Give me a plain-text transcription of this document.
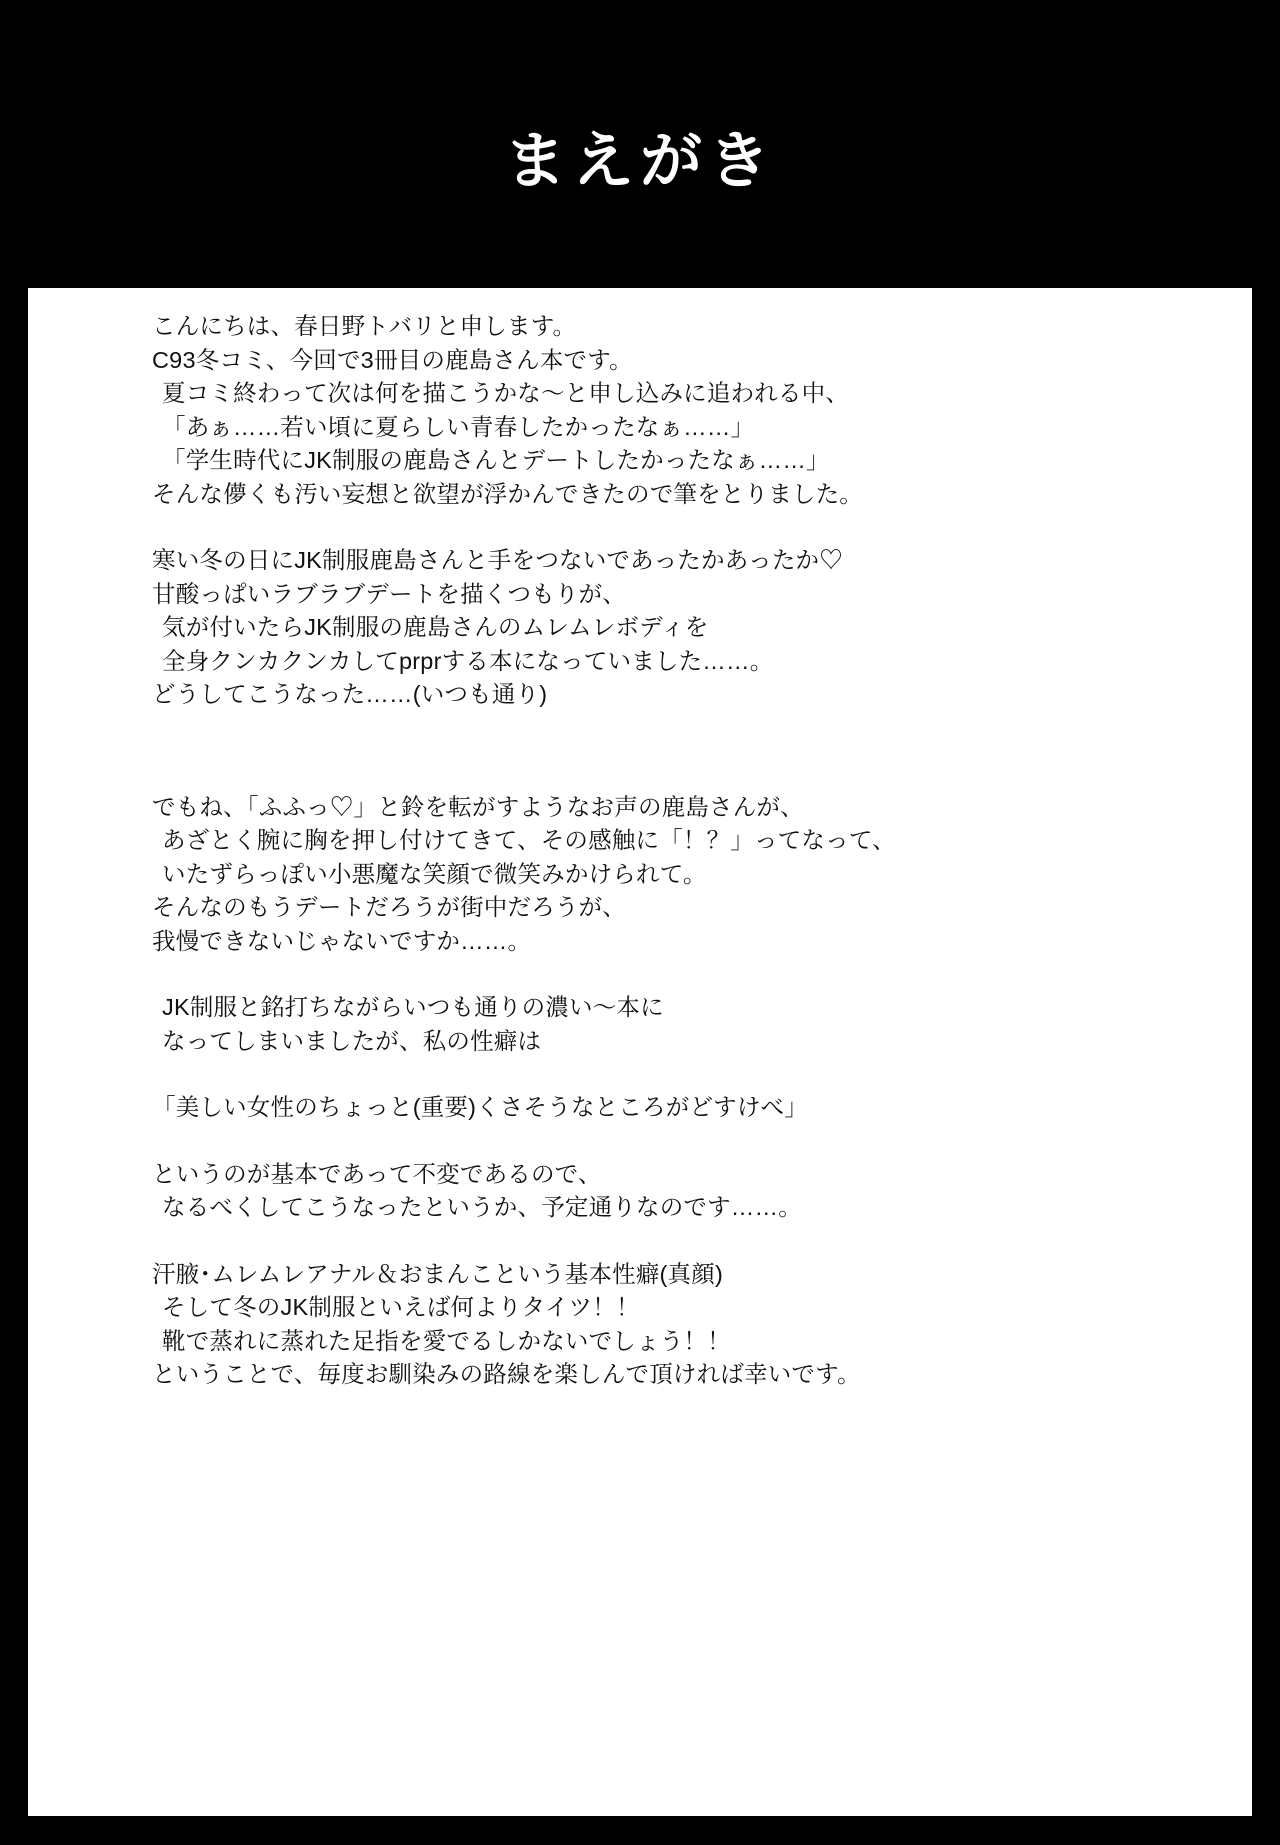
まえがき
こんにちは、春日野トバリと申します。
C93冬コミ、今回で3冊目の鹿島さん本です。
夏コミ終わって次は何を描こうかな〜と申し込みに追われる中、
「あぁ……若い頃に夏らしい青春したかったなぁ……」
「学生時代にJK制服の鹿島さんとデートしたかったなぁ……」
そんな儚くも汚い妄想と欲望が浮かんできたので筆をとりました。
寒い冬の日にJK制服鹿島さんと手をつないであったかあったか♡
甘酸っぱいラブラブデートを描くつもりが、
気が付いたらJK制服の鹿島さんのムレムレボディを
全身クンカクンカしてprprする本になっていました……。
どうしてこうなった……(いつも通り)
でもね、「ふふっ♡」と鈴を転がすようなお声の鹿島さんが、
あざとく腕に胸を押し付けてきて、その感触に「！？」ってなって、
いたずらっぽい小悪魔な笑顔で微笑みかけられて。
そんなのもうデートだろうが街中だろうが、
我慢できないじゃないですか……。
JK制服と銘打ちながらいつも通りの濃い〜本に
なってしまいましたが、私の性癖は
「美しい女性のちょっと(重要)くさそうなところがどすけべ」
というのが基本であって不変であるので、
なるべくしてこうなったというか、予定通りなのです……。
汗腋･ムレムレアナル＆おまんこという基本性癖(真顔)
そして冬のJK制服といえば何よりタイツ！！
靴で蒸れに蒸れた足指を愛でるしかないでしょう！！
ということで、毎度お馴染みの路線を楽しんで頂ければ幸いです。
